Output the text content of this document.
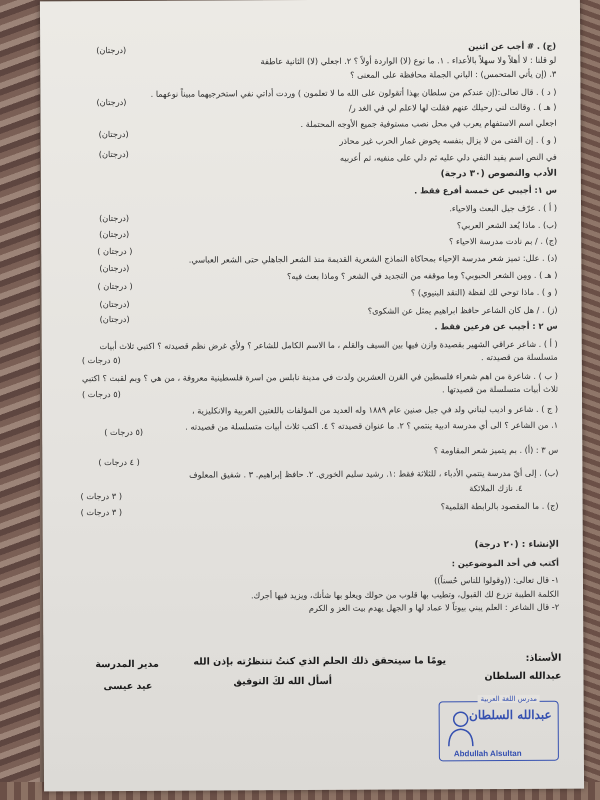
(ج) . # أجب عن اثنين
لو قلنا : لا أهلاً ولا سهلاً بالأعداء . ١. ما نوع (لا) الواردة أولاً ؟ ٢. اجعلي (لا) الثانية عاطفة
٣. (إن يأتي المتحمس) : الباني الجملة محافظة على المعنى ؟
( د ) . قال تعالى:(إن عندكم من سلطان بهذا أتقولون على الله ما لا تعلمون ) وردت أداتي نفي استخرجيهما مبيناً نوعهما .
( هـ ) . وقالت لني رحيلك عنهم فقلت لها لاعلم لي في الغد ر/
اجعلي اسم الاستفهام يعرب في محل نصب مستوفية جميع الأوجه المحتملة .
( و ) . إن الفتى من لا يزال بنفسه يخوض غمار الحرب غير محاذر
في النص اسم يفيد النفي دلي عليه ثم دلي على منفيه، ثم أعربيه
الأدب والنصوص (٣٠ درجة)
س ١: أجيبي عن خمسة أفرع فقط .
( أ ) . عرّف جيل البعث والاحياء.
(ب) . ماذا يُعد الشعر العربي؟
(ج) . / بم نادت مدرسة الاحياء ؟
(د) . علل: تميز شعر مدرسة الإحياء بمحاكاة النماذج الشعرية القديمة منذ الشعر الجاهلي حتى الشعر العباسي.
( هـ ) . ومِن الشعر الحبوبي؟ وما موقفه من التجديد في الشعر ؟ وماذا بعث فيه؟
( و ) . ماذا توحي لك لفظة (النقد البنيوي) ؟
(ز) . / هل كان الشاعر حافظ ابراهيم يمثل عن الشكوى؟
س ٢ : أجيب عن فرعين فقط .
( أ ) . شاعر عراقي الشهير بقصيدة وازن فيها بين السيف والقلم ، ما الاسم الكامل للشاعر ؟ ولأي غرض نظم قصيدته ؟ اكتبي ثلاث أبيات
متسلسلة من قصيدته .
( ب ) . شاعرة من اهم شعراء فلسطين في القرن العشرين ولدت في مدينة نابلس من اسرة فلسطينية معروفة ، من هي ؟ وبم لقبت ؟ اكتبي
ثلاث أبيات متسلسلة من قصيدتها .
( ج ) . شاعر و اديب لبناني ولد في جبل صنين عام ١٨٨٩ وله العديد من المؤلفات باللغتين العربية والانكليزية ،
١. من الشاعر ؟ الى أي مدرسة ادبية ينتمي ؟ ٢. ما عنوان قصيدته ؟ ٤. اكتب ثلاث أبيات متسلسلة من قصيدته .
س ٣ : (أ) . بم يتميز شعر المقاومة ؟
(ب) . إلى أيّ مدرسة ينتمي الأدباء ، للثلاثة فقط :١. رشيد سليم الخوري. ٢. حافظ إبراهيم. ٣ . شفيق المعلوف
٤. نازك الملائكة
(ج) . ما المقصود بالرابطة القلمية؟
الإنشاء : (٢٠ درجة)
أكتب في أحد الموضوعين :
١- قال تعالى: ((وقولوا للناس حُسناً))
الكلمة الطيبة تزرع لك القبول، وتطيب بها قلوب من حولك ويعلو بها شأنك، ويزيد فيها أجرك.
٢- قال الشاعر : العلم يبني بيوتاً لا عماد لها و الجهل يهدم بيت العز و الكرم
(درجتان)
(درجتان)
(درجتان)
(درجتان)
(درجتان)
(درجتان)
( درجتان )
(درجتان)
( درجتان )
(درجتان)
(درجتان)
(٥ درجات )
(٥ درجات )
(٥ درجات )
( ٤ درجات )
( ٣ درجات )
( ٣ درجات )
الأستاذ:
عبدالله السلطان
يومًا ما سيتحقق ذلك الحلم الذي كنتُ تنتظرُته بإذن الله
أسأل الله لكَ التوفيق
مدير المدرسة
عيد عيسى
مدرس اللغة العربية
عبدالله السلطان
Abdullah Alsultan
